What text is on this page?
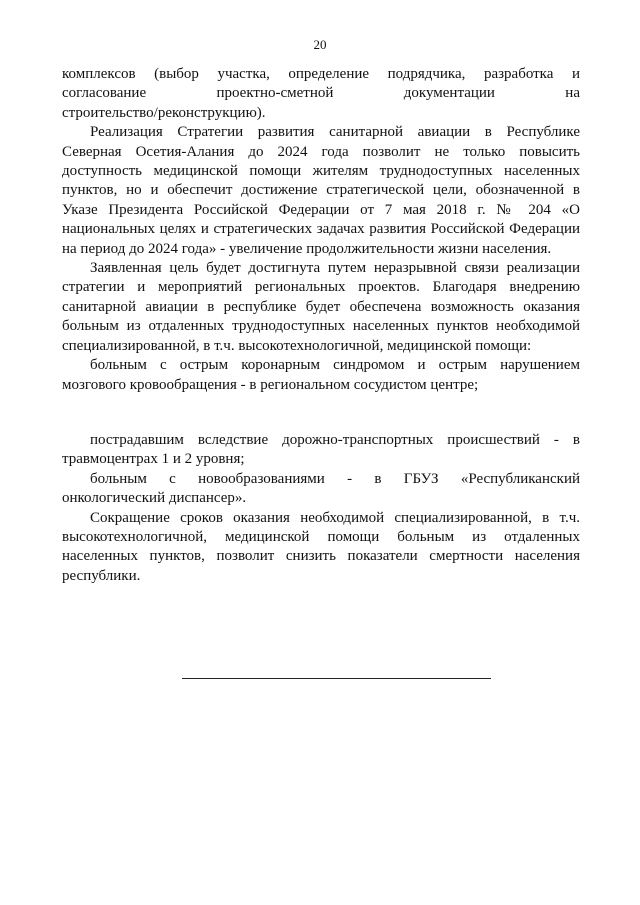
20

комплексов (выбор участка, определение подрядчика, разработка и
согласование проектно-сметной документации на
строительство/реконструкцию).

Реализация Стратегии развития санитарной авиации в Республике
Северная Осетия-Алания до 2024 года позволит не только повысить
доступность медицинской помощи жителям труднодоступных населенных
пунктов, но и обеспечит достижение стратегической цели, обозначенной в
Указе Президента Российской Федерации от 7 мая 2018 г. № 204 «О
национальных целях и стратегических задачах развития Российской Федерации
на период до 2024 года» - увеличение продолжительности жизни населения.

Заявленная цель будет достигнута путем неразрывной связи реализации
стратегии и мероприятий региональных проектов. Благодаря внедрению
санитарной авиации в республике будет обеспечена возможность оказания
больным из отдаленных труднодоступных населенных пунктов необходимой
специализированной, в т.ч. высокотехнологичной, медицинской помощи:

больным с острым коронарным синдромом и острым нарушением
мозгового кровообращения - в региональном сосудистом центре;

пострадавшим вследствие дорожно-транспортных происшествий - в
травмоцентрах 1 и 2 уровня;

больным с новообразованиями - в ГБУЗ «Республиканский
онкологический диспансер».

Сокращение сроков оказания необходимой специализированной, в т.ч.
высокотехнологичной, медицинской помощи больным из отдаленных
населенных пунктов, позволит снизить показатели смертности населения
республики.
